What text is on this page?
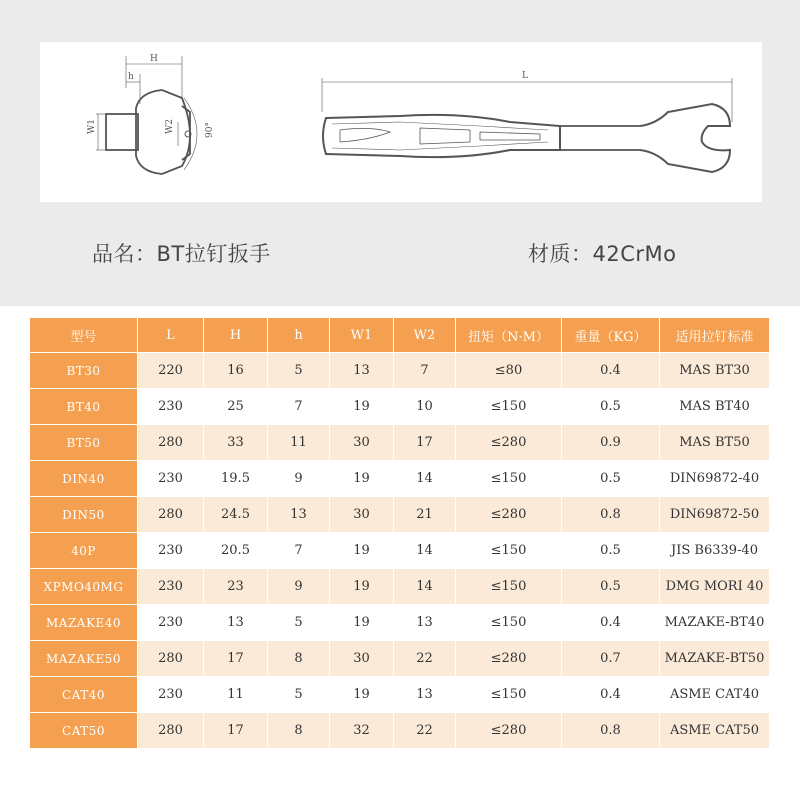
H
h
W1	W2	90°
L
品名：BT拉钉扳手	材质：42CrMo
型号	L	H	h	W1	W2	扭矩（N·M）	重量（KG）	适用拉钉标准
BT30	220	16	5	13	7	≤80	0.4	MAS BT30
BT40	230	25	7	19	10	≤150	0.5	MAS BT40
BT50	280	33	11	30	17	≤280	0.9	MAS BT50
DIN40	230	19.5	9	19	14	≤150	0.5	DIN69872-40
DIN50	280	24.5	13	30	21	≤280	0.8	DIN69872-50
40P	230	20.5	7	19	14	≤150	0.5	JIS B6339-40
XPMO40MG	230	23	9	19	14	≤150	0.5	DMG MORI 40
MAZAKE40	230	13	5	19	13	≤150	0.4	MAZAKE-BT40
MAZAKE50	280	17	8	30	22	≤280	0.7	MAZAKE-BT50
CAT40	230	11	5	19	13	≤150	0.4	ASME CAT40
CAT50	280	17	8	32	22	≤280	0.8	ASME CAT50
